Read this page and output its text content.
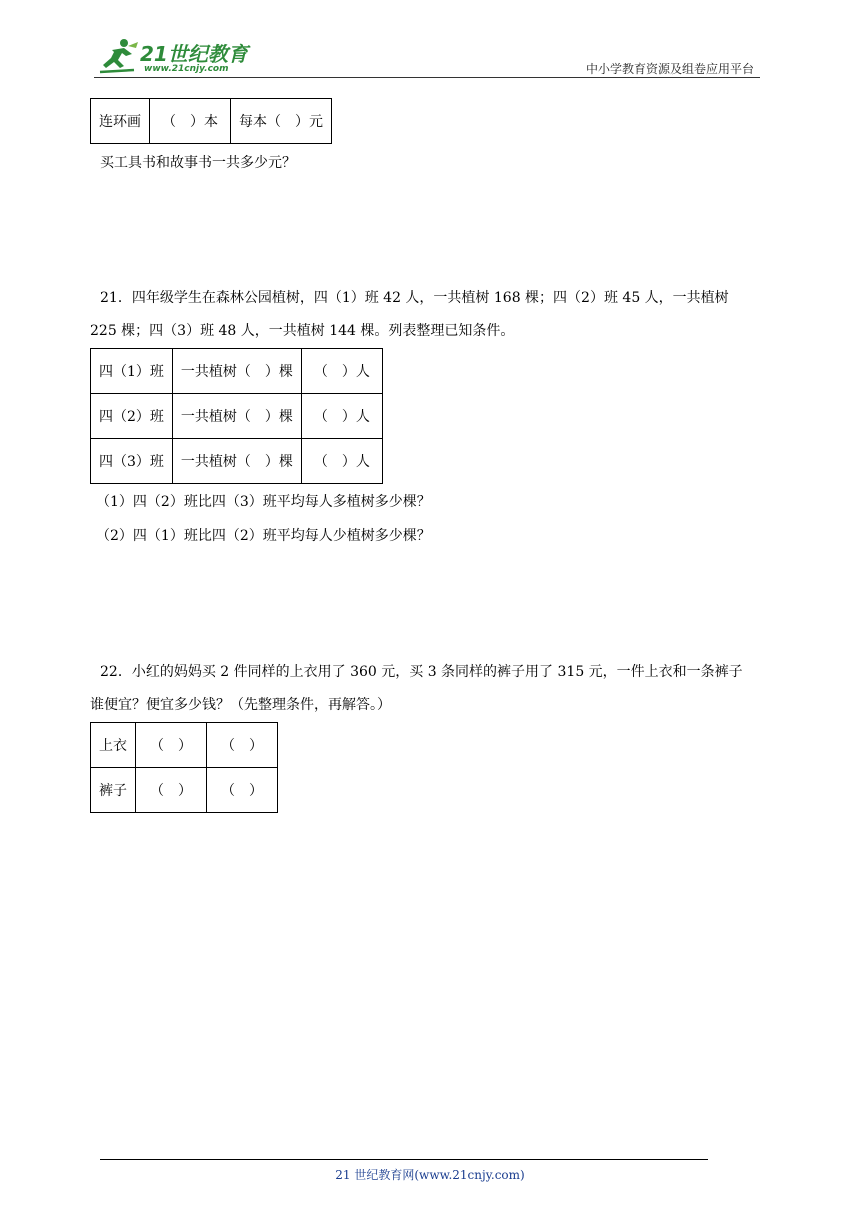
21世纪教育
www.21cnjy.com	中小学教育资源及组卷应用平台
连环画	（　）本	每本（　）元
买工具书和故事书一共多少元？
21．四年级学生在森林公园植树，四（1）班 42 人，一共植树 168 棵；四（2）班 45 人，一共植树
225 棵；四（3）班 48 人，一共植树 144 棵。列表整理已知条件。
四（1）班	一共植树（　）棵	（　）人
四（2）班	一共植树（　）棵	（　）人
四（3）班	一共植树（　）棵	（　）人
（1）四（2）班比四（3）班平均每人多植树多少棵？
（2）四（1）班比四（2）班平均每人少植树多少棵？
22．小红的妈妈买 2 件同样的上衣用了 360 元，买 3 条同样的裤子用了 315 元，一件上衣和一条裤子
谁便宜？便宜多少钱？（先整理条件，再解答。）
上衣	（　）	（　）
裤子	（　）	（　）
21 世纪教育网(www.21cnjy.com)
